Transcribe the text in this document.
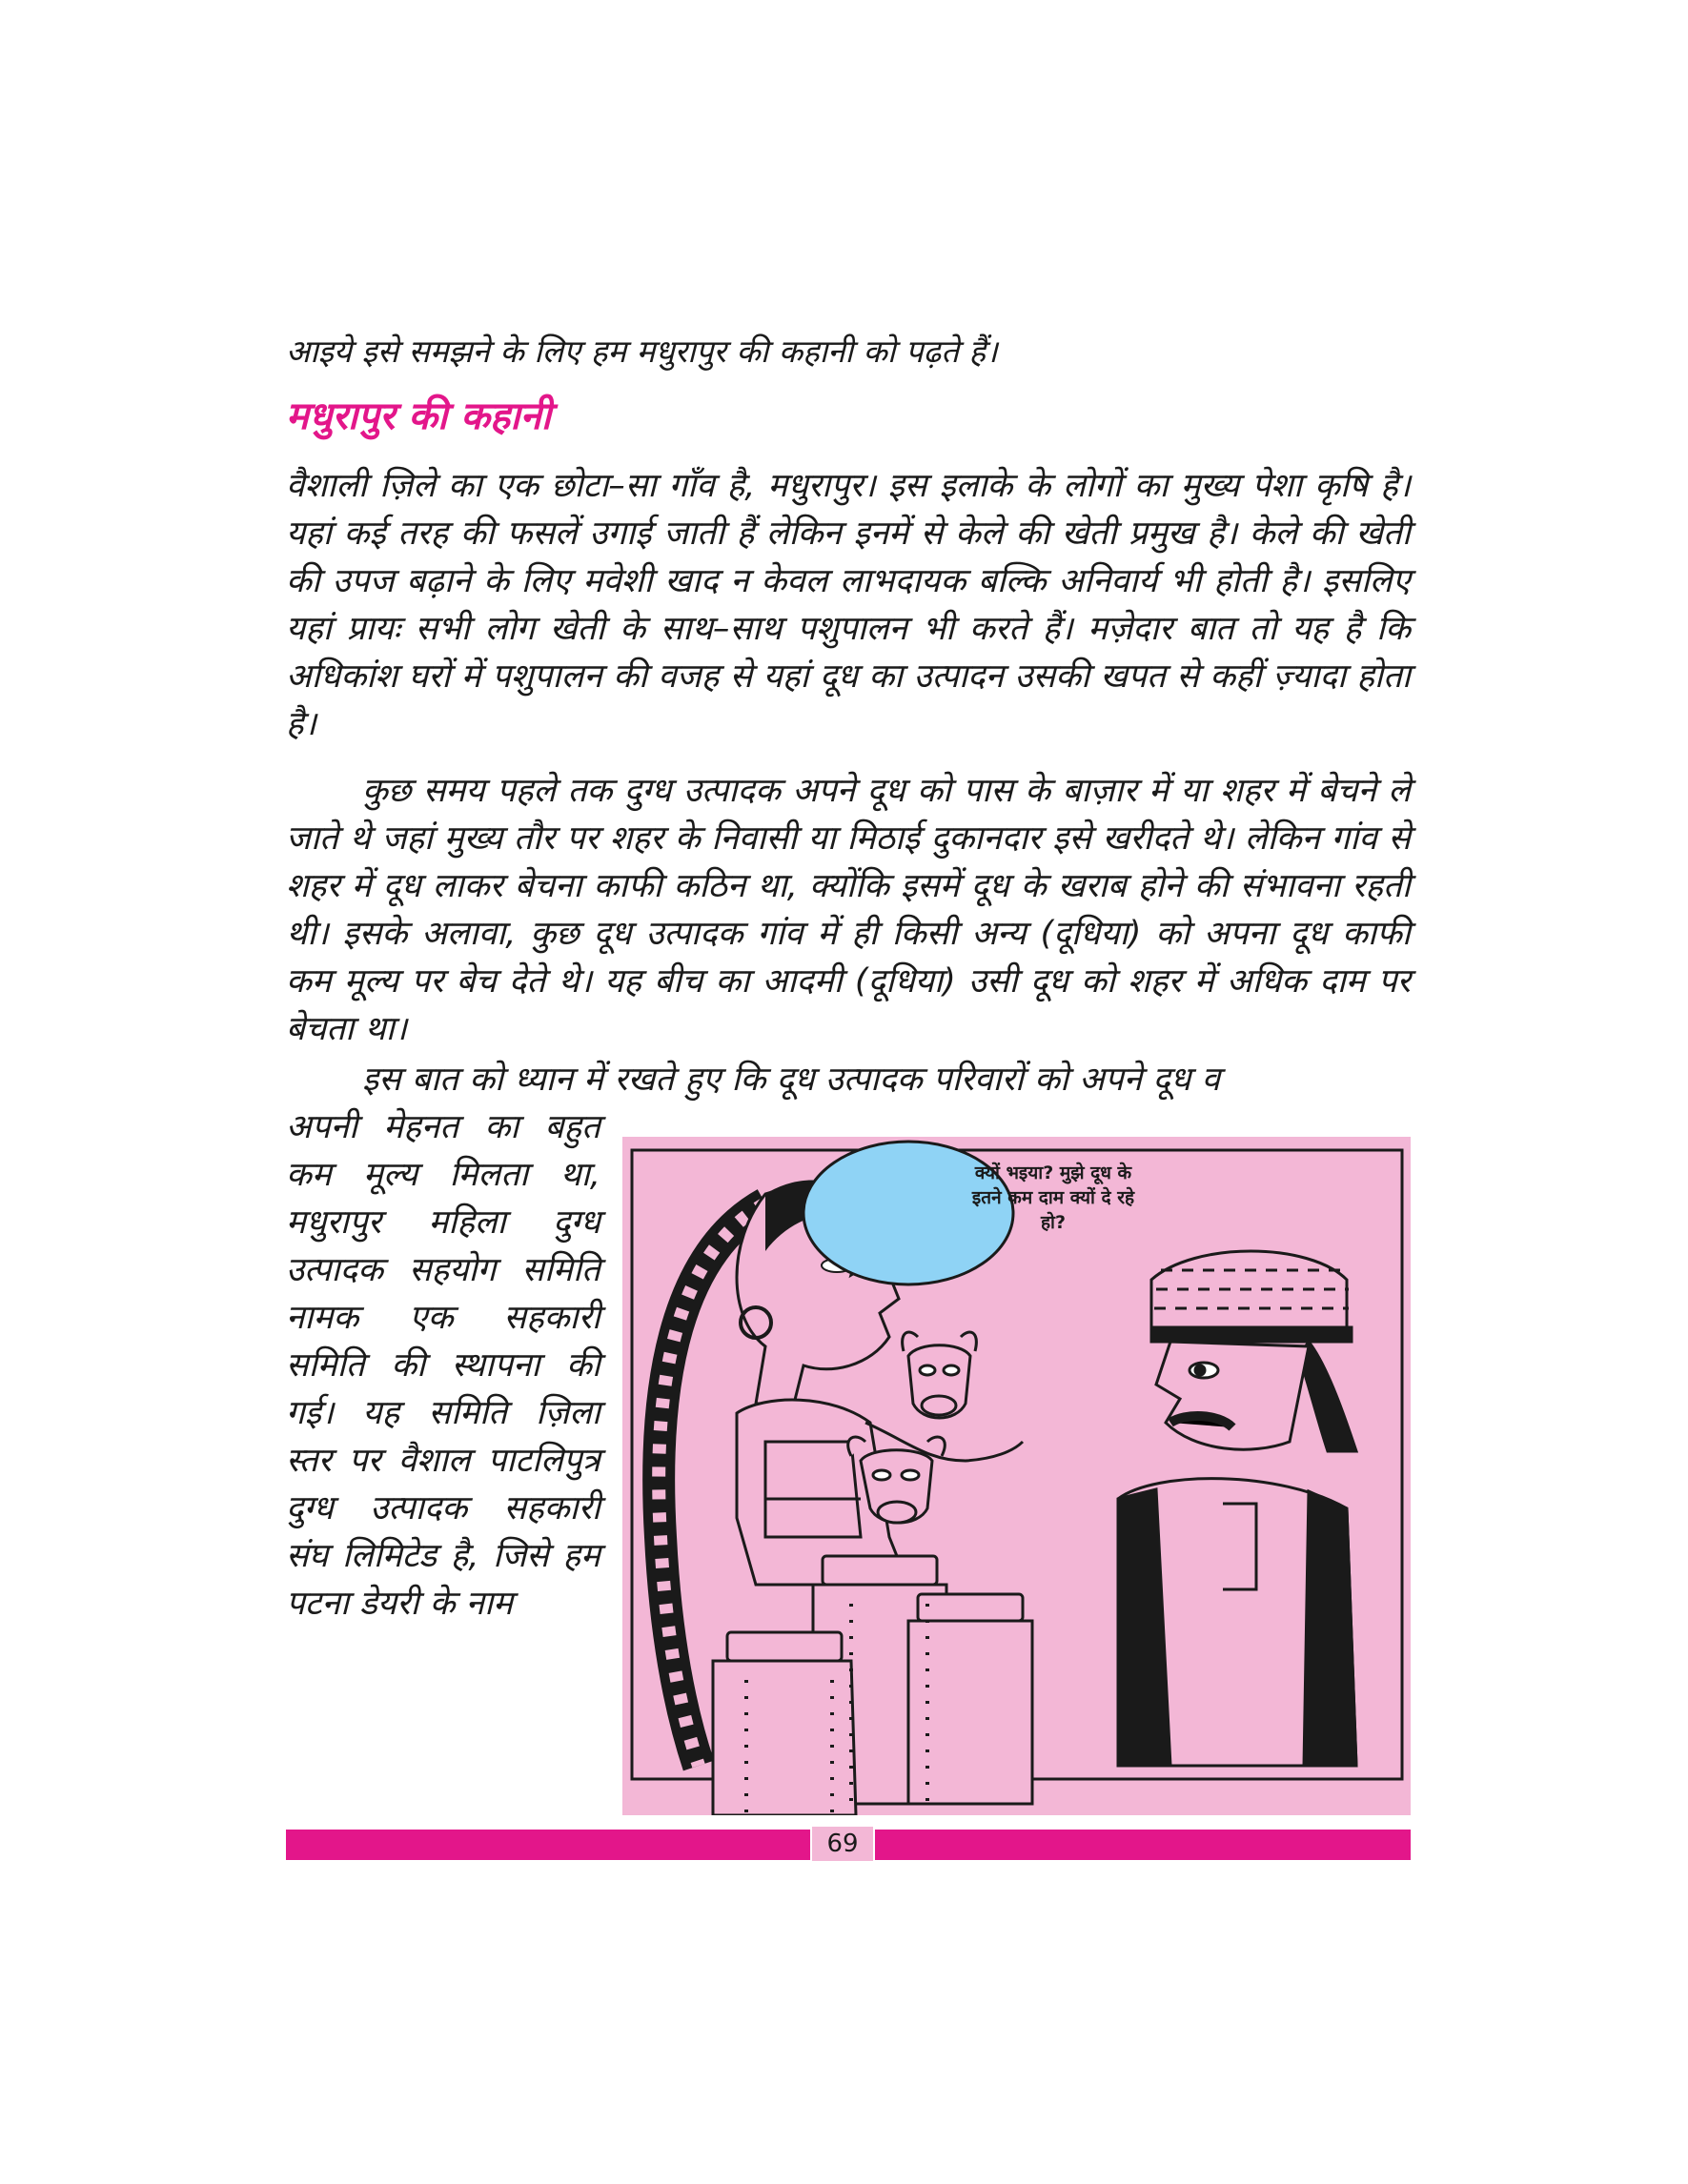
आइये इसे समझने के लिए हम मधुरापुर की कहानी को पढ़ते हैं।
मधुरापुर की कहानी

वैशाली ज़िले का एक छोटा–सा गाँव है, मधुरापुर। इस इलाके के लोगों का मुख्य पेशा कृषि है। यहां कई तरह की फसलें उगाई जाती हैं लेकिन इनमें से केले की खेती प्रमुख है। केले की खेती की उपज बढ़ाने के लिए मवेशी खाद न केवल लाभदायक बल्कि अनिवार्य भी होती है। इसलिए यहां प्रायः सभी लोग खेती के साथ–साथ पशुपालन भी करते हैं। मज़ेदार बात तो यह है कि अधिकांश घरों में पशुपालन की वजह से यहां दूध का उत्पादन उसकी खपत से कहीं ज़्यादा होता है।

कुछ समय पहले तक दुग्ध उत्पादक अपने दूध को पास के बाज़ार में या शहर में बेचने ले जाते थे जहां मुख्य तौर पर शहर के निवासी या मिठाई दुकानदार इसे खरीदते थे। लेकिन गांव से शहर में दूध लाकर बेचना काफी कठिन था, क्योंकि इसमें दूध के खराब होने की संभावना रहती थी। इसके अलावा, कुछ दूध उत्पादक गांव में ही किसी अन्य (दूधिया) को अपना दूध काफी कम मूल्य पर बेच देते थे। यह बीच का आदमी (दूधिया) उसी दूध को शहर में अधिक दाम पर बेचता था।

इस बात को ध्यान में रखते हुए कि दूध उत्पादक परिवारों को अपने दूध व

अपनी मेहनत का बहुत कम मूल्य मिलता था, मधुरापुर महिला दुग्ध उत्पादक सहयोग समिति नामक एक सहकारी समिति की स्थापना की गई। यह समिति ज़िला स्तर पर वैशाल पाटलिपुत्र दुग्ध उत्पादक सहकारी संघ लिमिटेड है, जिसे हम पटना डेयरी के नाम

क्यों भइया? मुझे दूध के इतने कम दाम क्यों दे रहे हो?
69
